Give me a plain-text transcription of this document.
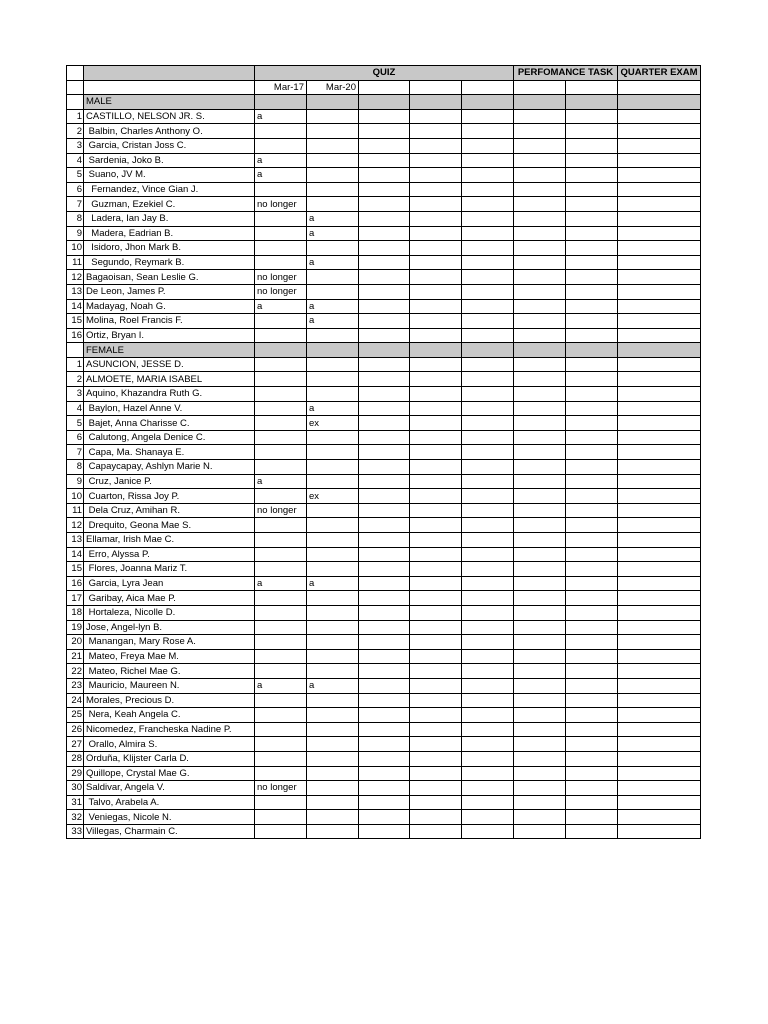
		QUIZ					PERFOMANCE TASK		QUARTER EXAM
		Mar-17	Mar-20						
	MALE								
1	CASTILLO, NELSON JR. S.	a							
2	Balbin, Charles Anthony O.								
3	Garcia, Cristan Joss C.								
4	Sardenia, Joko B.	a							
5	Suano, JV M.	a							
6	Fernandez, Vince Gian J.								
7	Guzman, Ezekiel C.	no longer							
8	Ladera, Ian Jay B.		a						
9	Madera, Eadrian B.		a						
10	Isidoro, Jhon Mark B.								
11	Segundo, Reymark B.		a						
12	Bagaoisan, Sean Leslie G.	no longer							
13	De Leon, James P.	no longer							
14	Madayag, Noah G.	a	a						
15	Molina, Roel Francis F.		a						
16	Ortiz, Bryan I.								
	FEMALE								
1	ASUNCION, JESSE D.								
2	ALMOETE, MARIA ISABEL								
3	Aquino, Khazandra Ruth G.								
4	Baylon, Hazel Anne V.		a						
5	Bajet, Anna Charisse C.		ex						
6	Calutong, Angela Denice C.								
7	Capa, Ma. Shanaya E.								
8	Capaycapay, Ashlyn Marie N.								
9	Cruz, Janice P.	a							
10	Cuarton, Rissa Joy P.		ex						
11	Dela Cruz, Amihan R.	no longer							
12	Drequito, Geona Mae S.								
13	Ellamar, Irish Mae C.								
14	Erro, Alyssa P.								
15	Flores, Joanna Mariz T.								
16	Garcia, Lyra Jean	a	a						
17	Garibay, Aica Mae P.								
18	Hortaleza, Nicolle D.								
19	Jose, Angel-lyn B.								
20	Manangan, Mary Rose A.								
21	Mateo, Freya Mae M.								
22	Mateo, Richel Mae G.								
23	Mauricio, Maureen N.	a	a						
24	Morales, Precious D.								
25	Nera, Keah Angela C.								
26	Nicomedez, Francheska Nadine P.								
27	Orallo, Almira S.								
28	Orduña, Klijster Carla D.								
29	Quillope, Crystal Mae G.								
30	Saldivar, Angela V.	no longer							
31	Talvo, Arabela A.								
32	Veniegas, Nicole N.								
33	Villegas, Charmain C.								
